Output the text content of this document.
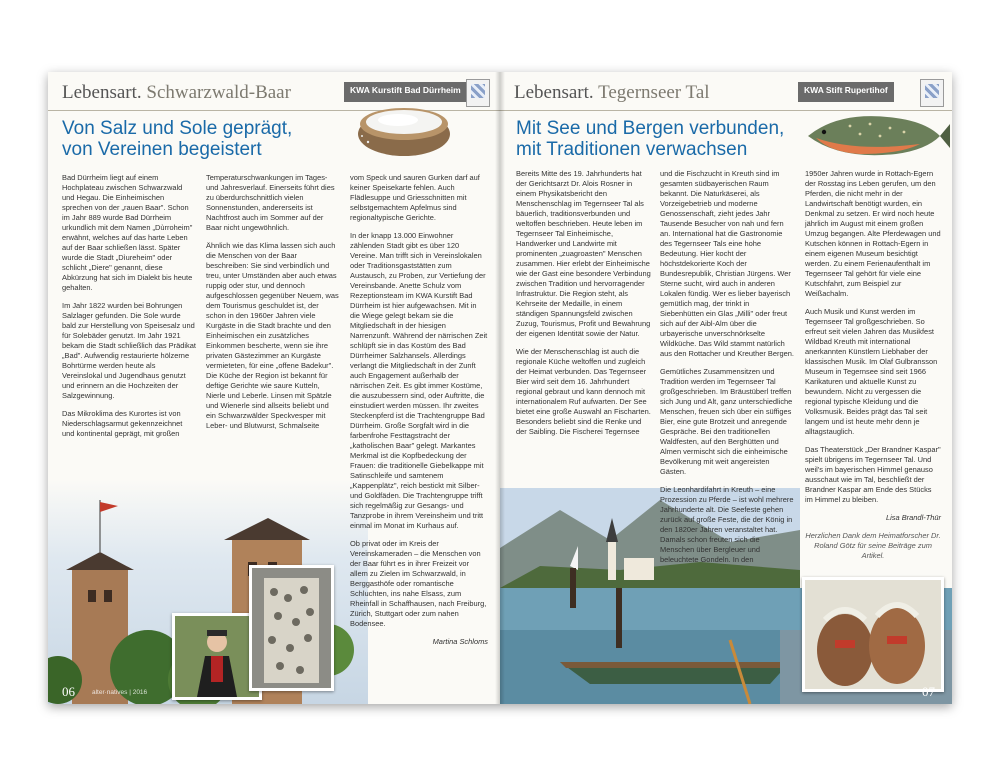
Lebensart. Schwarzwald-Baar	KWA Kurstift Bad Dürrheim
Von Salz und Sole geprägt,
von Vereinen begeistert

Bad Dürrheim liegt auf einem Hochplateau zwischen Schwarzwald und Hegau. Die Einheimischen sprechen von der „rauen Baar". Schon im Jahr 889 wurde Bad Dürrheim urkundlich mit dem Namen „Dùrroheim" erwähnt, welches auf das harte Leben auf der Baar schließen lässt. Später wurde die Stadt „Dìureheim" oder schlicht „Diere" genannt, diese Abkürzung hat sich im Dialekt bis heute gehalten.

Im Jahr 1822 wurden bei Bohrungen Salzlager gefunden. Die Sole wurde bald zur Herstellung von Speisesalz und für Solebäder genutzt. Im Jahr 1921 bekam die Stadt schließlich das Prädikat „Bad". Aufwendig restaurierte hölzerne Bohrtürme werden heute als Vereinslokal und Jugendhaus genutzt und erinnern an die Hochzeiten der Salzgewinnung.

Das Mikroklima des Kurortes ist von Niederschlagsarmut gekennzeichnet und kontinental geprägt, mit großen

Temperaturschwankungen im Tages- und Jahresverlauf. Einerseits führt dies zu überdurchschnittlich vielen Sonnenstunden, andererseits ist Nachtfrost auch im Sommer auf der Baar nicht ungewöhnlich.

Ähnlich wie das Klima lassen sich auch die Menschen von der Baar beschreiben: Sie sind verbindlich und treu, unter Umständen aber auch etwas ruppig oder stur, und dennoch aufgeschlossen gegenüber Neuem, was dem Tourismus geschuldet ist, der schon in den 1960er Jahren viele Kurgäste in die Stadt brachte und den Einheimischen ein zusätzliches Einkommen bescherte, wenn sie ihre privaten Gästezimmer an Kurgäste vermieteten, für eine „offene Badekur". Die Küche der Region ist bekannt für deftige Gerichte wie saure Kutteln, Nierle und Leberle. Linsen mit Spätzle und Wienerle sind allseits beliebt und ein Schwarzwälder Speckvesper mit Leber- und Blutwurst, Schmalseite

vom Speck und sauren Gurken darf auf keiner Speisekarte fehlen. Auch Flädlesuppe und Griesschnitten mit selbstgemachtem Apfelmus sind regionaltypische Gerichte.

In der knapp 13.000 Einwohner zählenden Stadt gibt es über 120 Vereine. Man trifft sich in Vereinslokalen oder Traditionsgaststätten zum Austausch, zu Proben, zur Vertiefung der Vereinsbande. Anette Schulz vom Rezeptionsteam im KWA Kurstift Bad Dürrheim ist hier aufgewachsen. Mit in die Wiege gelegt bekam sie die Mitgliedschaft in der hiesigen Narrenzunft. Während der närrischen Zeit schlüpft sie in das Kostüm des Bad Dürrheimer Salzhansels. Allerdings verlangt die Mitgliedschaft in der Zunft auch Engagement außerhalb der närrischen Zeit. Es gibt immer Kostüme, die auszubessern sind, oder Auftritte, die einstudiert werden müssen. Ihr zweites Steckenpferd ist die Trachtengruppe Bad Dürrheim. Große Sorgfalt wird in die farbenfrohe Festtagstracht der „katholischen Baar" gelegt. Markantes Merkmal ist die Kopfbedeckung der Frauen: die traditionelle Giebelkappe mit Satinschleife und samtenem „Kappenplätz", reich bestickt mit Silber- und Goldfäden. Die Trachtengruppe trifft sich regelmäßig zur Gesangs- und Tanzprobe in ihrem Vereinsheim und tritt einmal im Monat im Kurhaus auf.

Ob privat oder im Kreis der Vereinskameraden – die Menschen von der Baar führt es in ihrer Freizeit vor allem zu Zielen im Schwarzwald, in Berggasthöfe oder romantische Schluchten, ins nahe Elsass, zum Rheinfall in Schaffhausen, nach Freiburg, Zürich, Stuttgart oder zum nahen Bodensee.

Martina Schloms

06	alter·natives | 2016
Lebensart. Tegernseer Tal	KWA Stift Rupertihof
Mit See und Bergen verbunden,
mit Traditionen verwachsen

Bereits Mitte des 19. Jahrhunderts hat der Gerichtsarzt Dr. Alois Rosner in einem Physikatsbericht den Menschenschlag im Tegernseer Tal als bäuerlich, traditionsverbunden und weltoffen beschrieben. Heute leben im Tegernseer Tal Einheimische, Handwerker und Landwirte mit prominenten „zuagroasten" Menschen zusammen. Hier erlebt der Einheimische wie der Gast eine besondere Verbindung zwischen Tradition und hervorragender Infrastruktur. Die Region steht, als Kehrseite der Medaille, in einem ständigen Spannungsfeld zwischen Zuzug, Tourismus, Profit und Bewahrung der eigenen Identität sowie der Natur.

Wie der Menschenschlag ist auch die regionale Küche weltoffen und zugleich der Heimat verbunden. Das Tegernseer Bier wird seit dem 16. Jahrhundert regional gebraut und kann dennoch mit internationalem Ruf aufwarten. Der See bietet eine große Auswahl an Fischarten. Besonders beliebt sind die Renke und der Saibling. Die Fischerei Tegernsee

und die Fischzucht in Kreuth sind im gesamten südbayerischen Raum bekannt. Die Naturkäserei, als Vorzeigebetrieb und moderne Genossenschaft, zieht jedes Jahr Tausende Besucher von nah und fern an. International hat die Gastronomie des Tegernseer Tals eine hohe Bedeutung. Hier kocht der höchstdekorierte Koch der Bundesrepublik, Christian Jürgens. Wer Sterne sucht, wird auch in anderen Lokalen fündig. Wer es lieber bayerisch gemütlich mag, der trinkt in Siebenhütten ein Glas „Milli" oder freut sich auf der Aibl-Alm über die urbayerische unverschnörkselte Wildküche. Das Wild stammt natürlich aus den Rottacher und Kreuther Bergen.

Gemütliches Zusammensitzen und Tradition werden im Tegernseer Tal großgeschrieben. Im Bräustüberl treffen sich Jung und Alt, ganz unterschiedliche Menschen, freuen sich über ein süffiges Bier, eine gute Brotzeit und anregende Gespräche. Bei den traditionellen Waldfesten, auf den Berghütten und Almen vermischt sich die einheimische Bevölkerung mit weit angereisten Gästen.

Die Leonhardifahrt in Kreuth – eine Prozession zu Pferde – ist wohl mehrere Jahrhunderte alt. Die Seefeste gehen zurück auf große Feste, die der König in den 1820er Jahren veranstaltet hat. Damals schon freuten sich die Menschen über Bergleuer und beleuchtete Gondeln. In den

1950er Jahren wurde in Rottach-Egern der Rosstag ins Leben gerufen, um den Pferden, die nicht mehr in der Landwirtschaft benötigt wurden, ein Denkmal zu setzen. Er wird noch heute jährlich im August mit einem großen Umzug begangen. Alte Pferdewagen und Kutschen können in Rottach-Egern in einem eigenen Museum besichtigt werden. Zu einem Ferienaufenthalt im Tegernseer Tal gehört für viele eine Kutschfahrt, zum Beispiel zur Weißachalm.

Auch Musik und Kunst werden im Tegernseer Tal großgeschrieben. So erfreut seit vielen Jahren das Musikfest Wildbad Kreuth mit international anerkannten Künstlern Liebhaber der klassischen Musik. Im Olaf Gulbransson Museum in Tegernsee sind seit 1966 Karikaturen und aktuelle Kunst zu bewundern. Nicht zu vergessen die regional typische Kleidung und die Volksmusik. Beides prägt das Tal seit langem und ist heute mehr denn je alltagstauglich.

Das Theaterstück „Der Brandner Kaspar" spielt übrigens im Tegernseer Tal. Und weil's im bayerischen Himmel genauso ausschaut wie im Tal, beschließt der Brandner Kaspar am Ende des Stücks im Himmel zu bleiben.

Lisa Brandl-Thür

Herzlichen Dank dem Heimatforscher Dr. Roland Götz für seine Beiträge zum Artikel.

07
